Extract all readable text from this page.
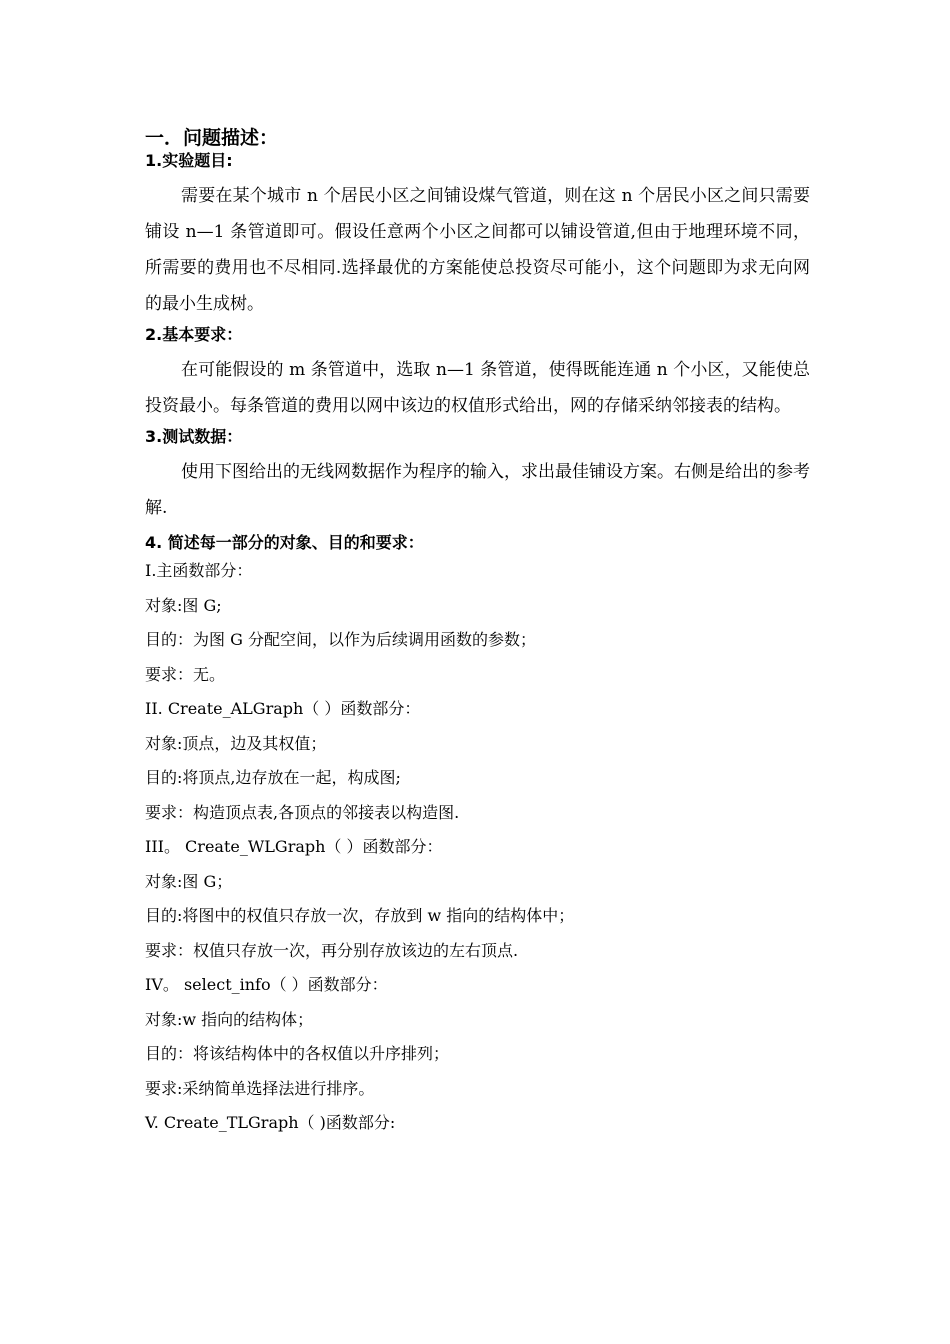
一．问题描述：

1.实验题目:

需要在某个城市 n 个居民小区之间铺设煤气管道，则在这 n 个居民小区之间只需要铺设 n—1 条管道即可。假设任意两个小区之间都可以铺设管道,但由于地理环境不同，所需要的费用也不尽相同.选择最优的方案能使总投资尽可能小，这个问题即为求无向网的最小生成树。

2.基本要求：

在可能假设的 m 条管道中，选取 n—1 条管道，使得既能连通 n 个小区，又能使总投资最小。每条管道的费用以网中该边的权值形式给出，网的存储采纳邻接表的结构。

3.测试数据：

使用下图给出的无线网数据作为程序的输入，求出最佳铺设方案。右侧是给出的参考解.

4. 简述每一部分的对象、目的和要求：

I.主函数部分：

对象:图 G;

目的：为图 G 分配空间，以作为后续调用函数的参数；

要求：无。

II. Create_ALGraph（ ）函数部分：

对象:顶点，边及其权值；

目的:将顶点,边存放在一起，构成图;

要求：构造顶点表,各顶点的邻接表以构造图.

III。 Create_WLGraph（ ）函数部分：

对象:图 G；

目的:将图中的权值只存放一次，存放到 w 指向的结构体中；

要求：权值只存放一次，再分别存放该边的左右顶点.

IV。 select_info（ ）函数部分：

对象:w 指向的结构体；

目的：将该结构体中的各权值以升序排列；

要求:采纳简单选择法进行排序。

V. Create_TLGraph（ )函数部分:
